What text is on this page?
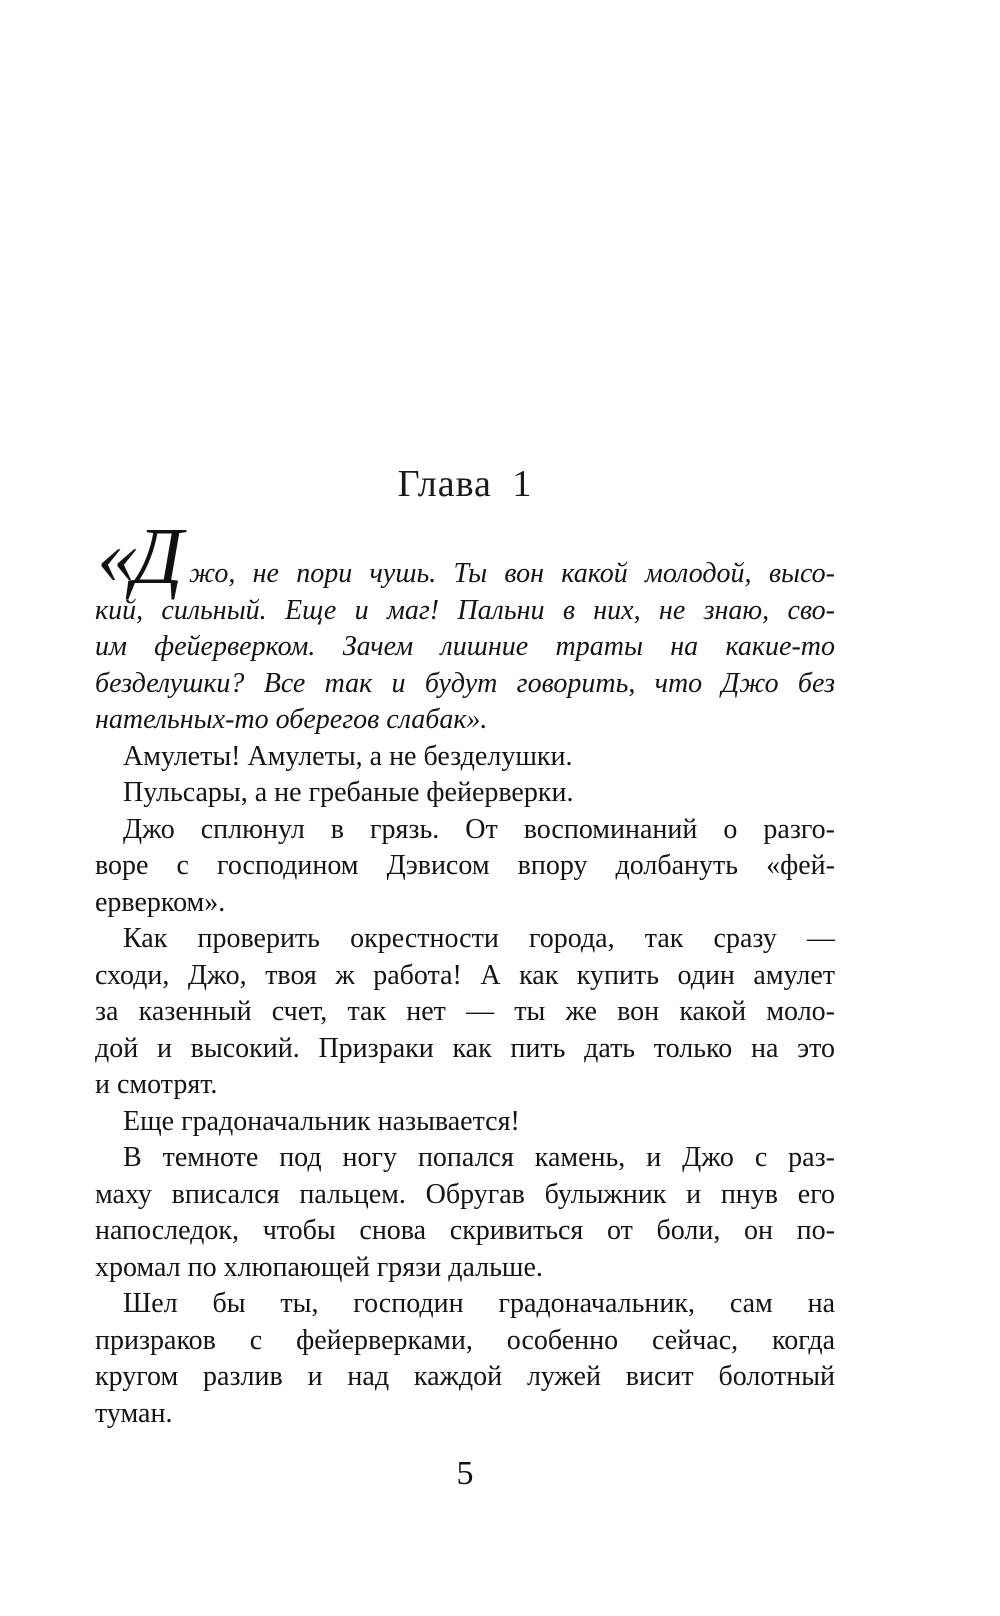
Глава 1
«Д жо, не пори чушь. Ты вон какой молодой, высо-
кий, сильный. Еще и маг! Пальни в них, не знаю, сво-
им фейерверком. Зачем лишние траты на какие-то
безделушки? Все так и будут говорить, что Джо без
нательных-то оберегов слабак».
Амулеты! Амулеты, а не безделушки.
Пульсары, а не гребаные фейерверки.
Джо сплюнул в грязь. От воспоминаний о разго-
воре с господином Дэвисом впору долбануть «фей-
ерверком».
Как проверить окрестности города, так сразу —
сходи, Джо, твоя ж работа! А как купить один амулет
за казенный счет, так нет — ты же вон какой моло-
дой и высокий. Призраки как пить дать только на это
и смотрят.
Еще градоначальник называется!
В темноте под ногу попался камень, и Джо с раз-
маху вписался пальцем. Обругав булыжник и пнув его
напоследок, чтобы снова скривиться от боли, он по-
хромал по хлюпающей грязи дальше.
Шел бы ты, господин градоначальник, сам на
призраков с фейерверками, особенно сейчас, когда
кругом разлив и над каждой лужей висит болотный
туман.
5
